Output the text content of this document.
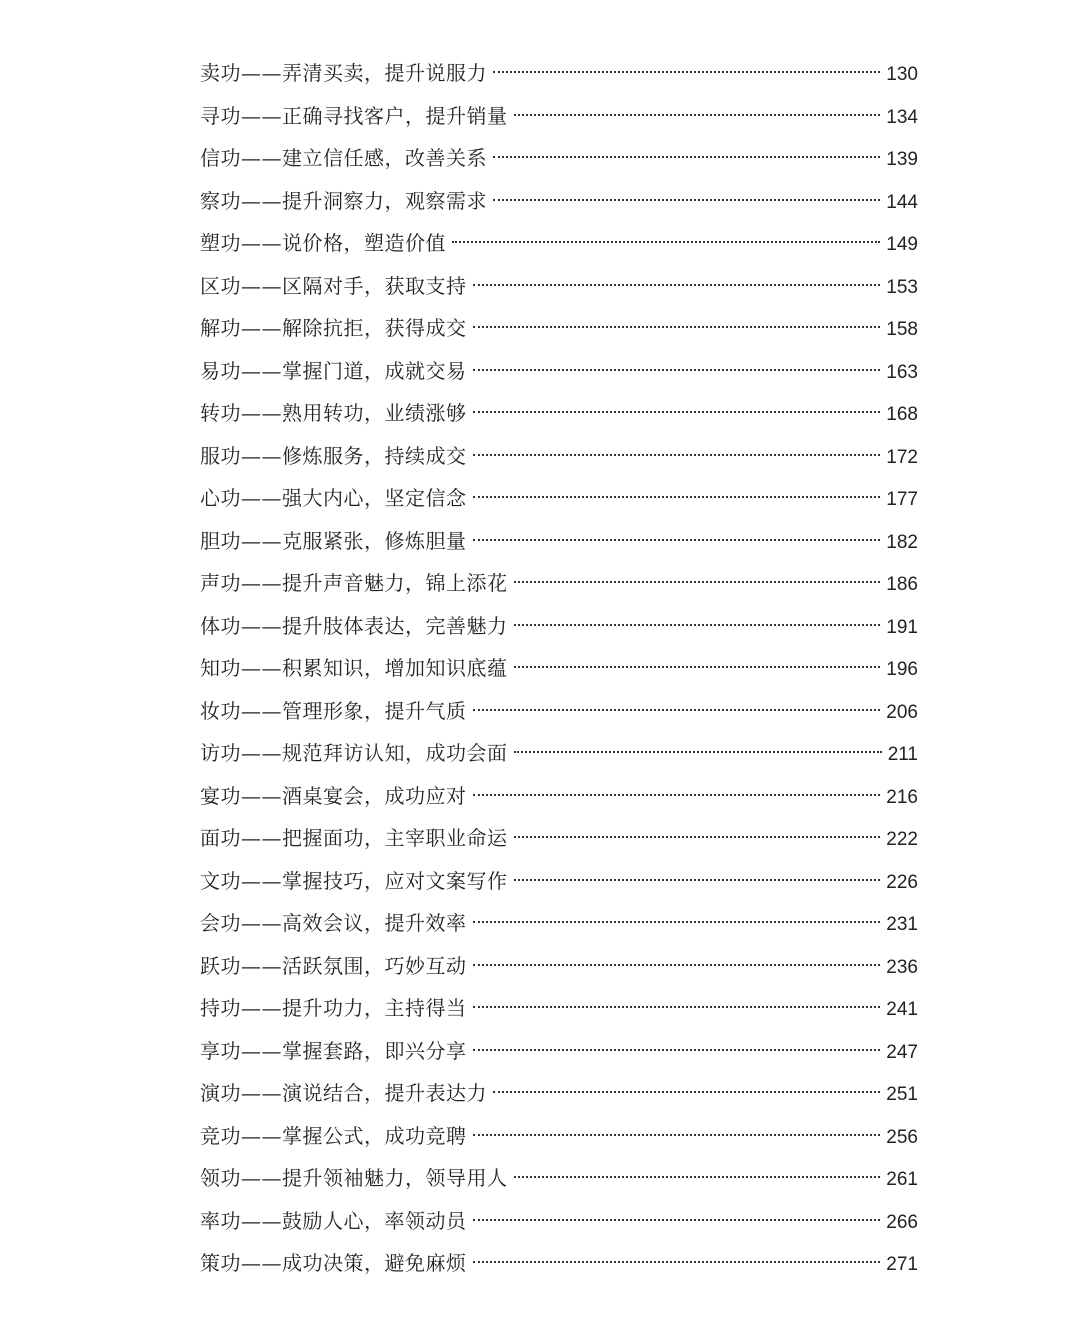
卖功——弄清买卖，提升说服力	130
寻功——正确寻找客户，提升销量	134
信功——建立信任感，改善关系	139
察功——提升洞察力，观察需求	144
塑功——说价格，塑造价值	149
区功——区隔对手，获取支持	153
解功——解除抗拒，获得成交	158
易功——掌握门道，成就交易	163
转功——熟用转功，业绩涨够	168
服功——修炼服务，持续成交	172
心功——强大内心，坚定信念	177
胆功——克服紧张，修炼胆量	182
声功——提升声音魅力，锦上添花	186
体功——提升肢体表达，完善魅力	191
知功——积累知识，增加知识底蕴	196
妆功——管理形象，提升气质	206
访功——规范拜访认知，成功会面	211
宴功——酒桌宴会，成功应对	216
面功——把握面功，主宰职业命运	222
文功——掌握技巧，应对文案写作	226
会功——高效会议，提升效率	231
跃功——活跃氛围，巧妙互动	236
持功——提升功力，主持得当	241
享功——掌握套路，即兴分享	247
演功——演说结合，提升表达力	251
竞功——掌握公式，成功竞聘	256
领功——提升领袖魅力，领导用人	261
率功——鼓励人心，率领动员	266
策功——成功决策，避免麻烦	271
